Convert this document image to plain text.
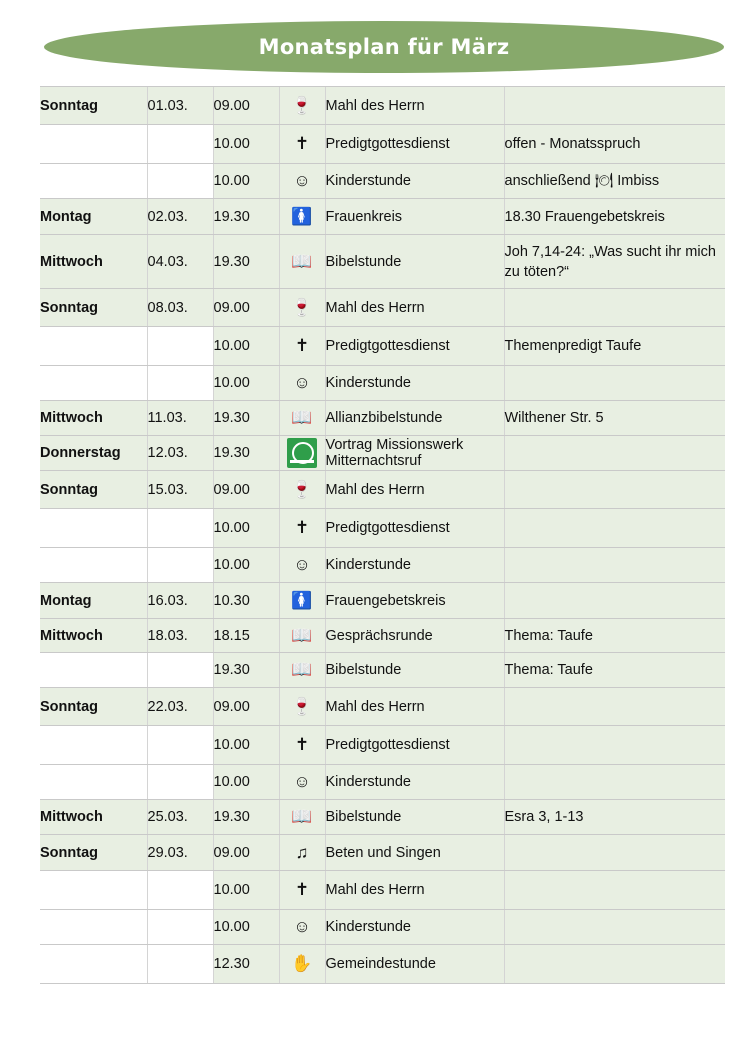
Monatsplan für März
Sonntag	01.03.	09.00	🍷	Mahl des Herrn	
		10.00	✝	Predigtgottesdienst	offen - Monatsspruch
		10.00	☺	Kinderstunde	anschließend 🍽 Imbiss
Montag	02.03.	19.30	🚺	Frauenkreis	18.30 Frauengebetskreis
Mittwoch	04.03.	19.30	📖	Bibelstunde	Joh 7,14-24: „Was sucht ihr mich zu töten?“
Sonntag	08.03.	09.00	🍷	Mahl des Herrn	
		10.00	✝	Predigtgottesdienst	Themenpredigt Taufe
		10.00	☺	Kinderstunde	
Mittwoch	11.03.	19.30	📖	Allianzbibelstunde	Wilthener Str. 5
Donnerstag	12.03.	19.30		Vortrag Missionswerk Mitternachtsruf	
Sonntag	15.03.	09.00	🍷	Mahl des Herrn	
		10.00	✝	Predigtgottesdienst	
		10.00	☺	Kinderstunde	
Montag	16.03.	10.30	🚺	Frauengebetskreis	
Mittwoch	18.03.	18.15	📖	Gesprächsrunde	Thema: Taufe
		19.30	📖	Bibelstunde	Thema: Taufe
Sonntag	22.03.	09.00	🍷	Mahl des Herrn	
		10.00	✝	Predigtgottesdienst	
		10.00	☺	Kinderstunde	
Mittwoch	25.03.	19.30	📖	Bibelstunde	Esra 3, 1-13
Sonntag	29.03.	09.00	♫	Beten und Singen	
		10.00	✝	Mahl des Herrn	
		10.00	☺	Kinderstunde	
		12.30	✋	Gemeindestunde	
